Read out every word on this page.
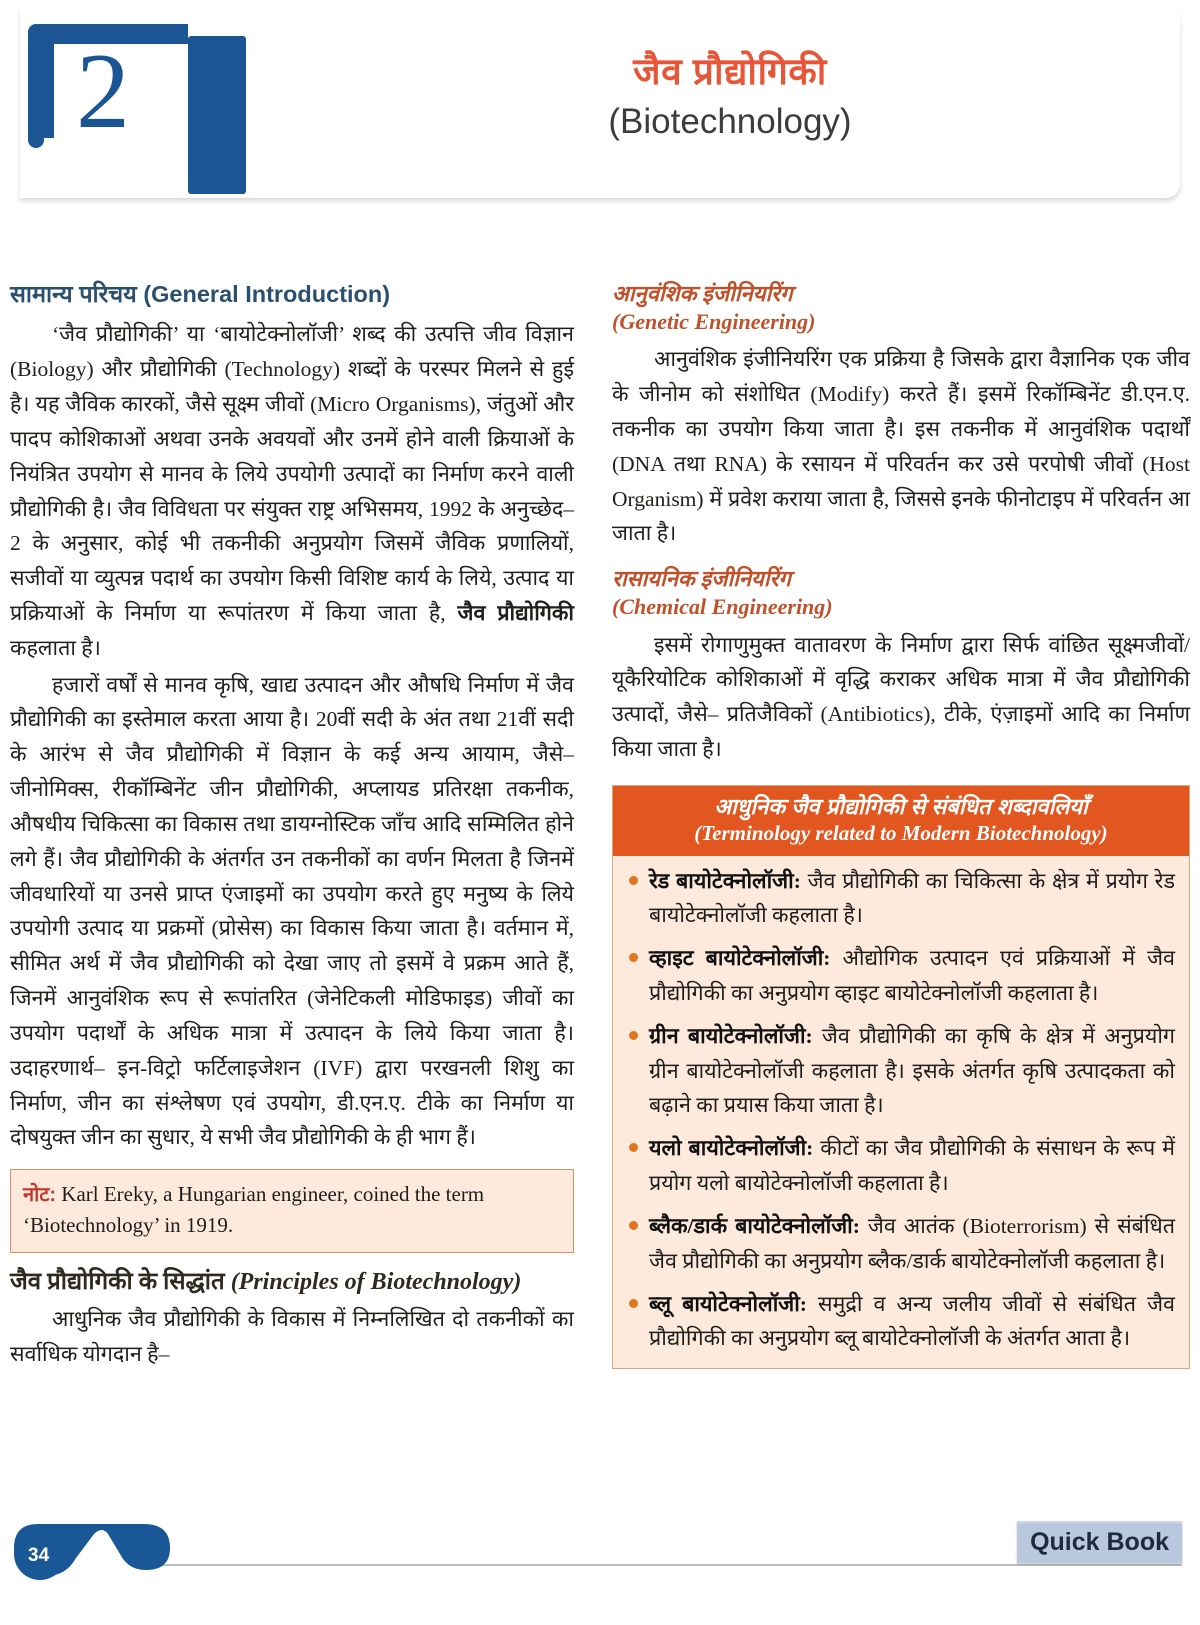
2	जैव प्रौद्योगिकी
(Biotechnology)
सामान्य परिचय (General Introduction)

‘जैव प्रौद्योगिकी’ या ‘बायोटेक्नोलॉजी’ शब्द की उत्पत्ति जीव विज्ञान (Biology) और प्रौद्योगिकी (Technology) शब्दों के परस्पर मिलने से हुई है। यह जैविक कारकों, जैसे सूक्ष्म जीवों (Micro Organisms), जंतुओं और पादप कोशिकाओं अथवा उनके अवयवों और उनमें होने वाली क्रियाओं के नियंत्रित उपयोग से मानव के लिये उपयोगी उत्पादों का निर्माण करने वाली प्रौद्योगिकी है। जैव विविधता पर संयुक्त राष्ट्र अभिसमय, 1992 के अनुच्छेद–2 के अनुसार, कोई भी तकनीकी अनुप्रयोग जिसमें जैविक प्रणालियों, सजीवों या व्युत्पन्न पदार्थ का उपयोग किसी विशिष्ट कार्य के लिये, उत्पाद या प्रक्रियाओं के निर्माण या रूपांतरण में किया जाता है, जैव प्रौद्योगिकी कहलाता है।

हजारों वर्षों से मानव कृषि, खाद्य उत्पादन और औषधि निर्माण में जैव प्रौद्योगिकी का इस्तेमाल करता आया है। 20वीं सदी के अंत तथा 21वीं सदी के आरंभ से जैव प्रौद्योगिकी में विज्ञान के कई अन्य आयाम, जैसे– जीनोमिक्स, रीकॉम्बिनेंट जीन प्रौद्योगिकी, अप्लायड प्रतिरक्षा तकनीक, औषधीय चिकित्सा का विकास तथा डायग्नोस्टिक जाँच आदि सम्मिलित होने लगे हैं। जैव प्रौद्योगिकी के अंतर्गत उन तकनीकों का वर्णन मिलता है जिनमें जीवधारियों या उनसे प्राप्त एंजाइमों का उपयोग करते हुए मनुष्य के लिये उपयोगी उत्पाद या प्रक्रमों (प्रोसेस) का विकास किया जाता है। वर्तमान में, सीमित अर्थ में जैव प्रौद्योगिकी को देखा जाए तो इसमें वे प्रक्रम आते हैं, जिनमें आनुवंशिक रूप से रूपांतरित (जेनेटिकली मोडिफाइड) जीवों का उपयोग पदार्थों के अधिक मात्रा में उत्पादन के लिये किया जाता है। उदाहरणार्थ– इन-विट्रो फर्टिलाइजेशन (IVF) द्वारा परखनली शिशु का निर्माण, जीन का संश्लेषण एवं उपयोग, डी.एन.ए. टीके का निर्माण या दोषयुक्त जीन का सुधार, ये सभी जैव प्रौद्योगिकी के ही भाग हैं।

नोट: Karl Ereky, a Hungarian engineer, coined the term ‘Biotechnology’ in 1919.

जैव प्रौद्योगिकी के सिद्धांत (Principles of Biotechnology)

आधुनिक जैव प्रौद्योगिकी के विकास में निम्नलिखित दो तकनीकों का सर्वाधिक योगदान है–

आनुवंशिक इंजीनियरिंग
(Genetic Engineering)

आनुवंशिक इंजीनियरिंग एक प्रक्रिया है जिसके द्वारा वैज्ञानिक एक जीव के जीनोम को संशोधित (Modify) करते हैं। इसमें रिकॉम्बिनेंट डी.एन.ए. तकनीक का उपयोग किया जाता है। इस तकनीक में आनुवंशिक पदार्थों (DNA तथा RNA) के रसायन में परिवर्तन कर उसे परपोषी जीवों (Host Organism) में प्रवेश कराया जाता है, जिससे इनके फीनोटाइप में परिवर्तन आ जाता है।

रासायनिक इंजीनियरिंग
(Chemical Engineering)

इसमें रोगाणुमुक्त वातावरण के निर्माण द्वारा सिर्फ वांछित सूक्ष्मजीवों/ यूकैरियोटिक कोशिकाओं में वृद्धि कराकर अधिक मात्रा में जैव प्रौद्योगिकी उत्पादों, जैसे– प्रतिजैविकों (Antibiotics), टीके, एंज़ाइमों आदि का निर्माण किया जाता है।

आधुनिक जैव प्रौद्योगिकी से संबंधित शब्दावलियाँ
(Terminology related to Modern Biotechnology)
रेड बायोटेक्नोलॉजी: जैव प्रौद्योगिकी का चिकित्सा के क्षेत्र में प्रयोग रेड बायोटेक्नोलॉजी कहलाता है।
व्हाइट बायोटेक्नोलॉजी: औद्योगिक उत्पादन एवं प्रक्रियाओं में जैव प्रौद्योगिकी का अनुप्रयोग व्हाइट बायोटेक्नोलॉजी कहलाता है।
ग्रीन बायोटेक्नोलॉजी: जैव प्रौद्योगिकी का कृषि के क्षेत्र में अनुप्रयोग ग्रीन बायोटेक्नोलॉजी कहलाता है। इसके अंतर्गत कृषि उत्पादकता को बढ़ाने का प्रयास किया जाता है।
यलो बायोटेक्नोलॉजी: कीटों का जैव प्रौद्योगिकी के संसाधन के रूप में प्रयोग यलो बायोटेक्नोलॉजी कहलाता है।
ब्लैक/डार्क बायोटेक्नोलॉजी: जैव आतंक (Bioterrorism) से संबंधित जैव प्रौद्योगिकी का अनुप्रयोग ब्लैक/डार्क बायोटेक्नोलॉजी कहलाता है।
ब्लू बायोटेक्नोलॉजी: समुद्री व अन्य जलीय जीवों से संबंधित जैव प्रौद्योगिकी का अनुप्रयोग ब्लू बायोटेक्नोलॉजी के अंतर्गत आता है।
34	Quick Book
